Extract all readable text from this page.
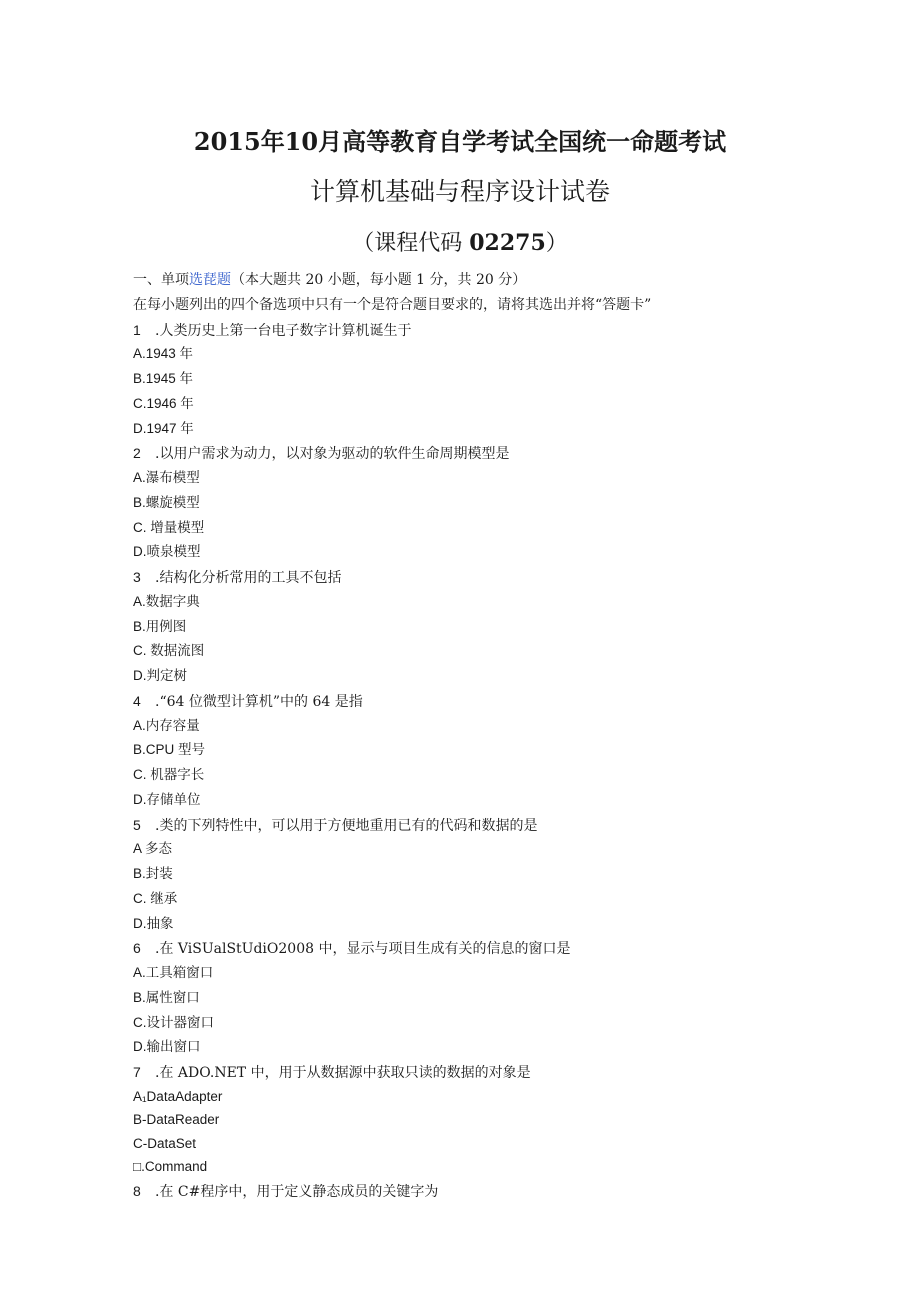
2015年10月高等教育自学考试全国统一命题考试
计算机基础与程序设计试卷
（课程代码 02275）
一、单项选琵题（本大题共 20 小题，每小题 1 分，共 20 分）
在每小题列出的四个备选项中只有一个是符合题目要求的，请将其选出并将“答题卡”
1 .人类历史上第一台电子数字计算机诞生于
A.1943 年
B.1945 年
C.1946 年
D.1947 年
2 .以用户需求为动力，以对象为驱动的软件生命周期模型是
A.瀑布模型
B.螺旋模型
C. 增量模型
D.喷泉模型
3 .结构化分析常用的工具不包括
A.数据字典
B.用例图
C. 数据流图
D.判定树
4 .“64 位微型计算机”中的 64 是指
A.内存容量
B.CPU 型号
C. 机器字长
D.存储单位
5 .类的下列特性中，可以用于方便地重用已有的代码和数据的是
A 多态
B.封装
C. 继承
D.抽象
6 .在 ViSUalStUdiO2008 中，显示与项目生成有关的信息的窗口是
A.工具箱窗口
B.属性窗口
C.设计器窗口
D.输出窗口
7 .在 ADO.NET 中，用于从数据源中获取只读的数据的对象是
A₁DataAdapter
B-DataReader
C-DataSet
□.Command
8 .在 C#程序中，用于定义静态成员的关键字为
